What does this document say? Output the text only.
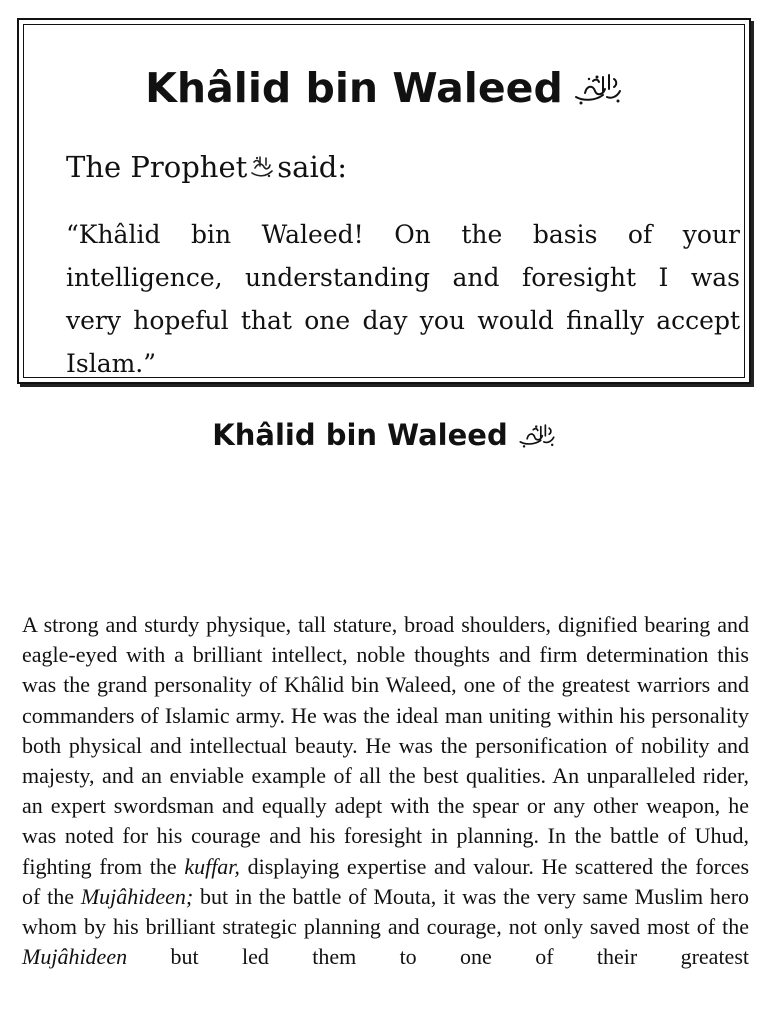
Khâlid bin Waleed
The Prophet said:
“Khâlid bin Waleed! On the basis of your intelligence, understanding and foresight I was very hopeful that one day you would finally accept Islam.”
Khâlid bin Waleed
A strong and sturdy physique, tall stature, broad shoulders, dignified bearing and eagle-eyed with a brilliant intellect, noble thoughts and firm determination this was the grand personality of Khâlid bin Waleed, one of the greatest warriors and commanders of Islamic army. He was the ideal man uniting within his personality both physical and intellectual beauty. He was the personification of nobility and majesty, and an enviable example of all the best qualities. An unparalleled rider, an expert swordsman and equally adept with the spear or any other weapon, he was noted for his courage and his foresight in planning. In the battle of Uhud, fighting from the kuffar, displaying expertise and valour. He scattered the forces of the Mujâhideen; but in the battle of Mouta, it was the very same Muslim hero whom by his brilliant strategic planning and courage, not only saved most of the Mujâhideen but led them to one of their greatest
